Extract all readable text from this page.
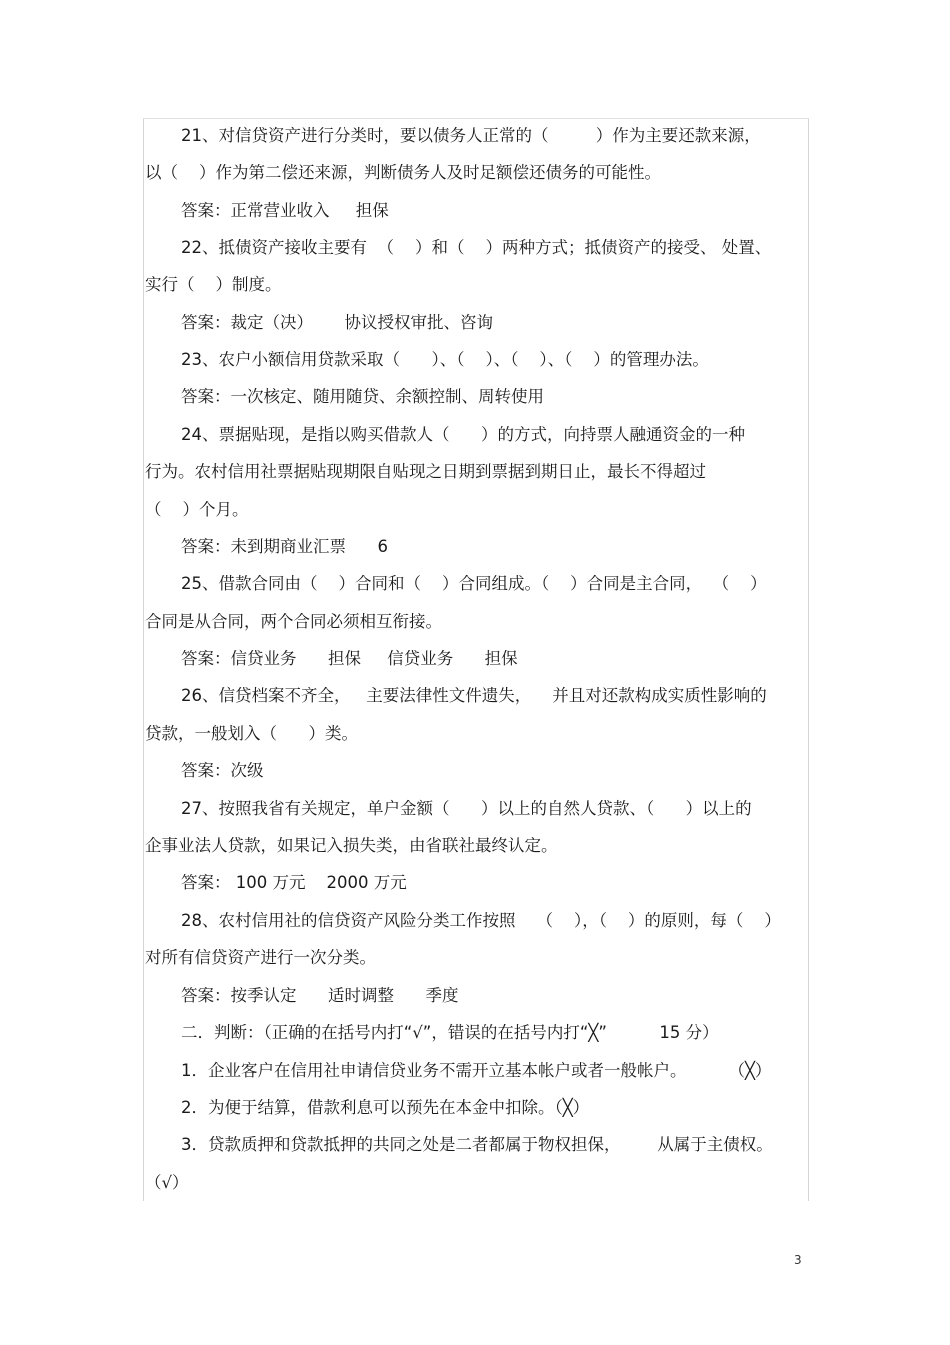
21、对信贷资产进行分类时，要以债务人正常的（         ）作为主要还款来源，
以（    ）作为第二偿还来源，判断债务人及时足额偿还债务的可能性。
答案：正常营业收入     担保
22、抵债资产接收主要有  （    ）和（    ）两种方式；抵债资产的接受、 处置、
实行（    ）制度。
答案：裁定（决）      协议授权审批、咨询
23、农户小额信用贷款采取（      ）、（    ）、（    ）、（    ）的管理办法。
答案：一次核定、随用随贷、余额控制、周转使用
24、票据贴现，是指以购买借款人（      ）的方式，向持票人融通资金的一种
行为。农村信用社票据贴现期限自贴现之日期到票据到期日止，最长不得超过
（    ）个月。
答案：未到期商业汇票      6
25、借款合同由（    ）合同和（    ）合同组成。（    ）合同是主合同，  （    ）
合同是从合同，两个合同必须相互衔接。
答案：信贷业务      担保     信贷业务      担保
26、信贷档案不齐全，   主要法律性文件遗失，    并且对还款构成实质性影响的
贷款，一般划入（      ）类。
答案：次级
27、按照我省有关规定，单户金额（      ）以上的自然人贷款、（      ）以上的
企事业法人贷款，如果记入损失类，由省联社最终认定。
答案： 100 万元    2000 万元
28、农村信用社的信贷资产风险分类工作按照    （    ），（    ）的原则，每（    ）
对所有信贷资产进行一次分类。
答案：按季认定      适时调整      季度
二．判断：（正确的在括号内打“√”，错误的在括号内打“╳”          15 分）
1．企业客户在信用社申请信贷业务不需开立基本帐户或者一般帐户。        （╳）
2．为便于结算，借款利息可以预先在本金中扣除。（╳）
3．贷款质押和贷款抵押的共同之处是二者都属于物权担保，       从属于主债权。
（√）
3
